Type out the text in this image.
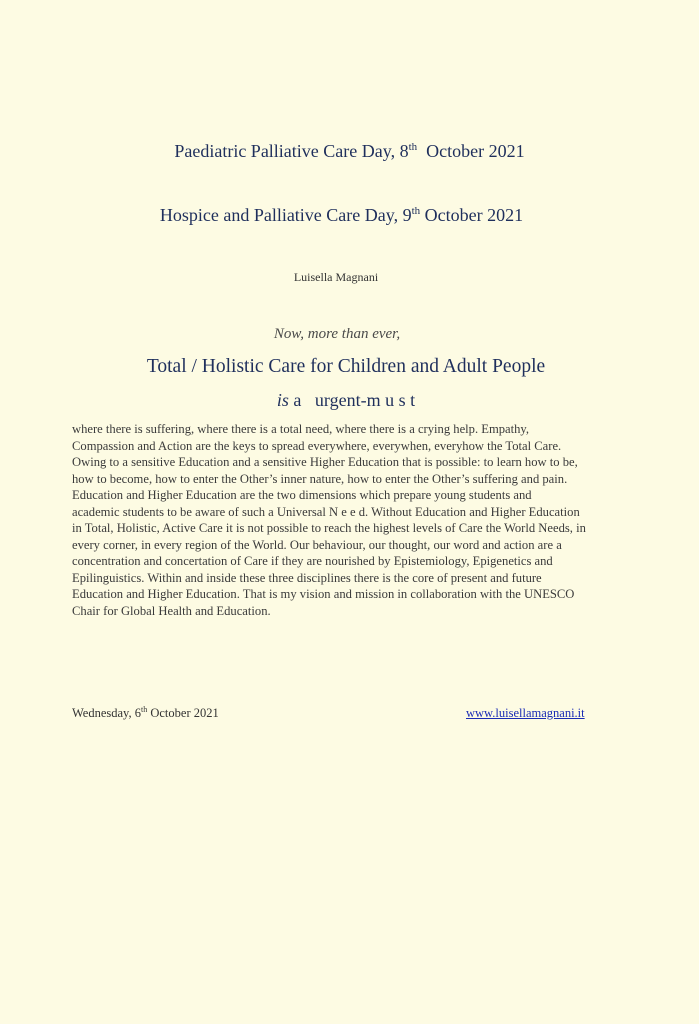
Paediatric Palliative Care Day, 8th  October 2021
Hospice and Palliative Care Day, 9th October 2021
Luisella Magnani
Now, more than ever,
Total / Holistic Care for Children and Adult People
is a   urgent-m u s t
where there is suffering, where there is a total need, where there is a crying help. Empathy,
Compassion and Action are the keys to spread everywhere, everywhen, everyhow the Total Care.
Owing to a sensitive Education and a sensitive Higher Education that is possible: to learn how to be,
how to become, how to enter the Other’s inner nature, how to enter the Other’s suffering and pain.
Education and Higher Education are the two dimensions which prepare young students and
academic students to be aware of such a Universal N e e d. Without Education and Higher Education
in Total, Holistic, Active Care it is not possible to reach the highest levels of Care the World Needs, in
every corner, in every region of the World. Our behaviour, our thought, our word and action are a
concentration and concertation of Care if they are nourished by Epistemiology, Epigenetics and
Epilinguistics. Within and inside these three disciplines there is the core of present and future
Education and Higher Education. That is my vision and mission in collaboration with the UNESCO
Chair for Global Health and Education.
Wednesday, 6th October 2021	www.luisellamagnani.it
